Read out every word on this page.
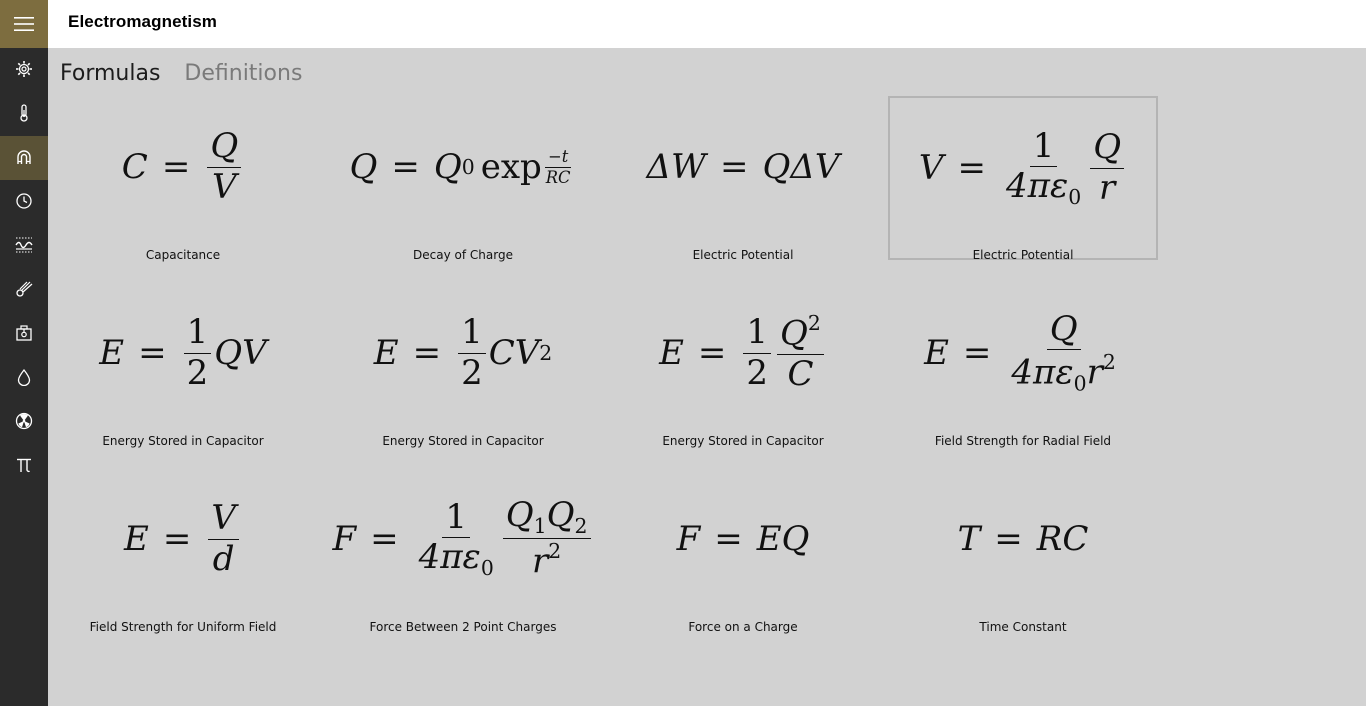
Electromagnetism
Formulas Definitions
$C = \frac{Q}{V}$
Capacitance
Q = Q 0 $\exp \frac{-t}{RC}$
Decay of Charge
ΔW = Q ΔV
Electric Potential
$V = \frac{1}{4\pi\varepsilon_0} \frac{Q}{r}$
Electric Potential
$E = \frac{1}{2}$ QV
Energy Stored in Capacitor
$E = \frac{1}{2}$ CV 2
Energy Stored in Capacitor
$E = \frac{1}{2} \frac{Q^2}{C}$
Energy Stored in Capacitor
$E = \frac{Q}{4\pi\varepsilon_0r^2}$
Field Strength for Radial Field
$E = \frac{V}{d}$
Field Strength for Uniform Field
$F = \frac{1}{4\pi\varepsilon_0} \frac{Q_1Q_2}{r^2}$
Force Between 2 Point Charges
F = EQ
Force on a Charge
T = RC
Time Constant
